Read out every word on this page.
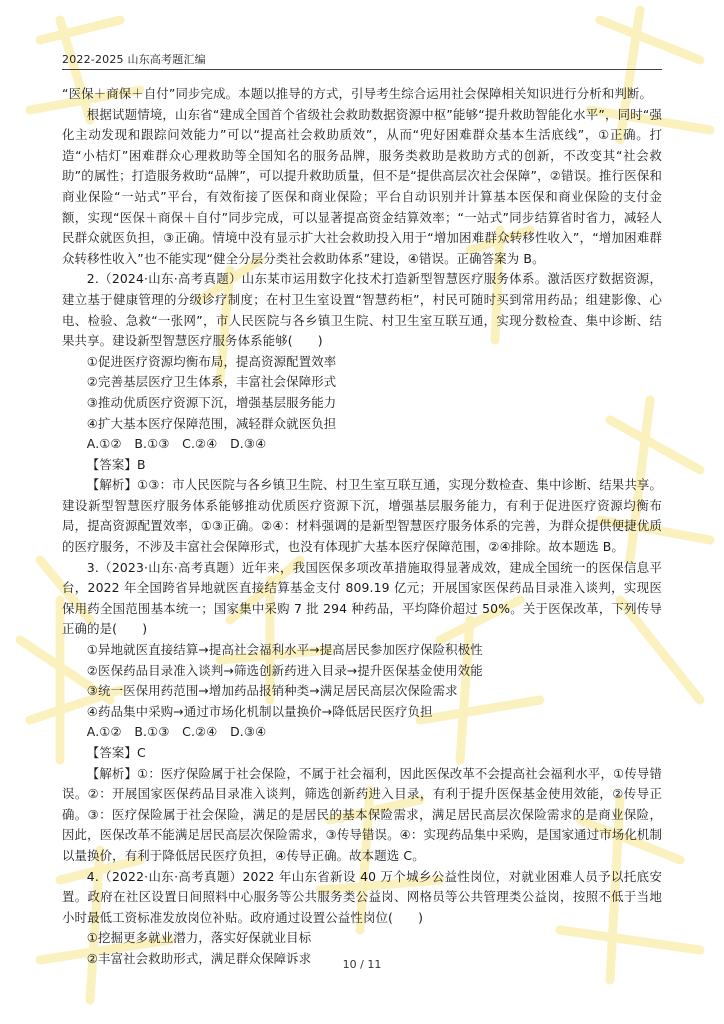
2022-2025 山东高考题汇编

“医保＋商保＋自付”同步完成。本题以推导的方式，引导考生综合运用社会保障相关知识进行分析和判断。

根据试题情境，山东省“建成全国首个省级社会救助数据资源中枢”能够“提升救助智能化水平”，同时“强化主动发现和跟踪问效能力”可以“提高社会救助质效”，从而“兜好困难群众基本生活底线”，①正确。打造“小桔灯”困难群众心理救助等全国知名的服务品牌，服务类救助是救助方式的创新，不改变其“社会救助”的属性；打造服务救助“品牌”，可以提升救助质量，但不是“提供高层次社会保障”，②错误。推行医保和商业保险“一站式”平台，有效衔接了医保和商业保险；平台自动识别并计算基本医保和商业保险的支付金额，实现“医保＋商保＋自付”同步完成，可以显著提高资金结算效率；“一站式”同步结算省时省力，减轻人民群众就医负担，③正确。情境中没有显示扩大社会救助投入用于“增加困难群众转移性收入”，“增加困难群众转移性收入”也不能实现“健全分层分类社会救助体系”建设，④错误。正确答案为 B。

2.（2024·山东·高考真题）山东某市运用数字化技术打造新型智慧医疗服务体系。激活医疗数据资源，建立基于健康管理的分级诊疗制度；在村卫生室设置“智慧药柜”，村民可随时买到常用药品；组建影像、心电、检验、急救“一张网”，市人民医院与各乡镇卫生院、村卫生室互联互通，实现分数检查、集中诊断、结果共享。建设新型智慧医疗服务体系能够(　　)

①促进医疗资源均衡布局，提高资源配置效率

②完善基层医疗卫生体系，丰富社会保障形式

③推动优质医疗资源下沉，增强基层服务能力

④扩大基本医疗保障范围，减轻群众就医负担

A.①②　B.①③　C.②④　D.③④

【答案】B

【解析】①③：市人民医院与各乡镇卫生院、村卫生室互联互通，实现分数检查、集中诊断、结果共享。建设新型智慧医疗服务体系能够推动优质医疗资源下沉，增强基层服务能力，有利于促进医疗资源均衡布局，提高资源配置效率，①③正确。②④：材料强调的是新型智慧医疗服务体系的完善，为群众提供便捷优质的医疗服务，不涉及丰富社会保障形式，也没有体现扩大基本医疗保障范围，②④排除。故本题选 B。

3.（2023·山东·高考真题）近年来，我国医保多项改革措施取得显著成效，建成全国统一的医保信息平台，2022 年全国跨省异地就医直接结算基金支付 809.19 亿元；开展国家医保药品目录准入谈判，实现医保用药全国范围基本统一；国家集中采购 7 批 294 种药品，平均降价超过 50%。关于医保改革，下列传导正确的是(　　)

①异地就医直接结算→提高社会福利水平→提高居民参加医疗保险积极性

②医保药品目录准入谈判→筛选创新药进入目录→提升医保基金使用效能

③统一医保用药范围→增加药品报销种类→满足居民高层次保险需求

④药品集中采购→通过市场化机制以量换价→降低居民医疗负担

A.①②　B.①③　C.②④　D.③④

【答案】C

【解析】①：医疗保险属于社会保险，不属于社会福利，因此医保改革不会提高社会福利水平，①传导错误。②：开展国家医保药品目录准入谈判，筛选创新药进入目录，有利于提升医保基金使用效能，②传导正确。③：医疗保险属于社会保险，满足的是居民的基本保险需求，满足居民高层次保险需求的是商业保险，因此，医保改革不能满足居民高层次保险需求，③传导错误。④：实现药品集中采购，是国家通过市场化机制以量换价，有利于降低居民医疗负担，④传导正确。故本题选 C。

4.（2022·山东·高考真题）2022 年山东省新设 40 万个城乡公益性岗位，对就业困难人员予以托底安置。政府在社区设置日间照料中心服务等公共服务类公益岗、网格员等公共管理类公益岗，按照不低于当地小时最低工资标准发放岗位补贴。政府通过设置公益性岗位(　　)

①挖掘更多就业潜力，落实好保就业目标

②丰富社会救助形式，满足群众保障诉求	10 / 11
